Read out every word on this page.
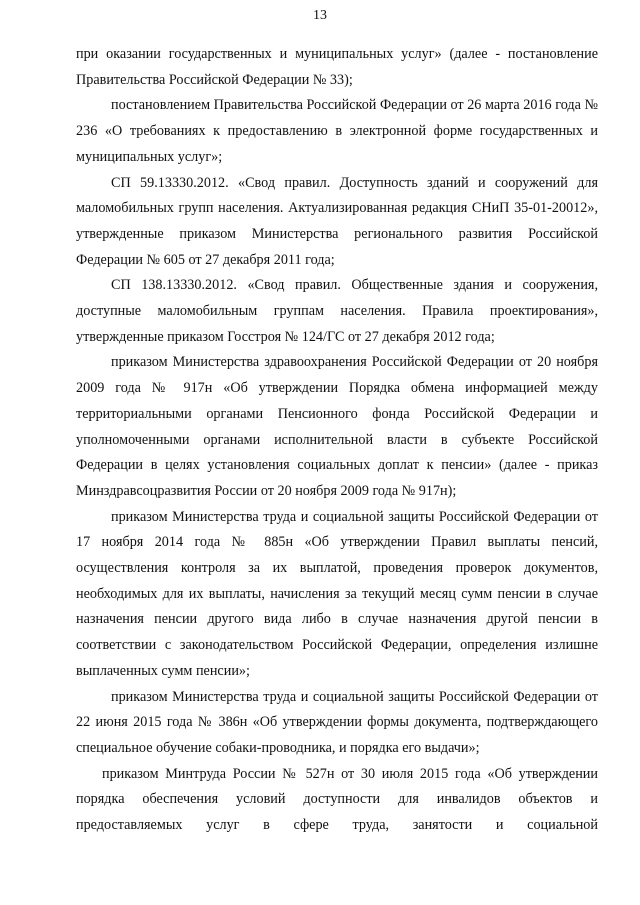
13

при оказании государственных и муниципальных услуг» (далее - постановление Правительства Российской Федерации № 33);

постановлением Правительства Российской Федерации от 26 марта 2016 года № 236 «О требованиях к предоставлению в электронной форме государственных и муниципальных услуг»;

СП 59.13330.2012. «Свод правил. Доступность зданий и сооружений для маломобильных групп населения. Актуализированная редакция СНиП 35-01-20012», утвержденные приказом Министерства регионального развития Российской Федерации № 605 от 27 декабря 2011 года;

СП 138.13330.2012. «Свод правил. Общественные здания и сооружения, доступные маломобильным группам населения. Правила проектирования», утвержденные приказом Госстроя № 124/ГС от 27 декабря 2012 года;

приказом Министерства здравоохранения Российской Федерации от 20 ноября 2009 года № 917н «Об утверждении Порядка обмена информацией между территориальными органами Пенсионного фонда Российской Федерации и уполномоченными органами исполнительной власти в субъекте Российской Федерации в целях установления социальных доплат к пенсии» (далее - приказ Минздравсоцразвития России от 20 ноября 2009 года № 917н);

приказом Министерства труда и социальной защиты Российской Федерации от 17 ноября 2014 года № 885н «Об утверждении Правил выплаты пенсий, осуществления контроля за их выплатой, проведения проверок документов, необходимых для их выплаты, начисления за текущий месяц сумм пенсии в случае назначения пенсии другого вида либо в случае назначения другой пенсии в соответствии с законодательством Российской Федерации, определения излишне выплаченных сумм пенсии»;

приказом Министерства труда и социальной защиты Российской Федерации от 22 июня 2015 года № 386н «Об утверждении формы документа, подтверждающего специальное обучение собаки-проводника, и порядка его выдачи»;

приказом Минтруда России № 527н от 30 июля 2015 года «Об утверждении порядка обеспечения условий доступности для инвалидов объектов и предоставляемых услуг в сфере труда, занятости и социальной
